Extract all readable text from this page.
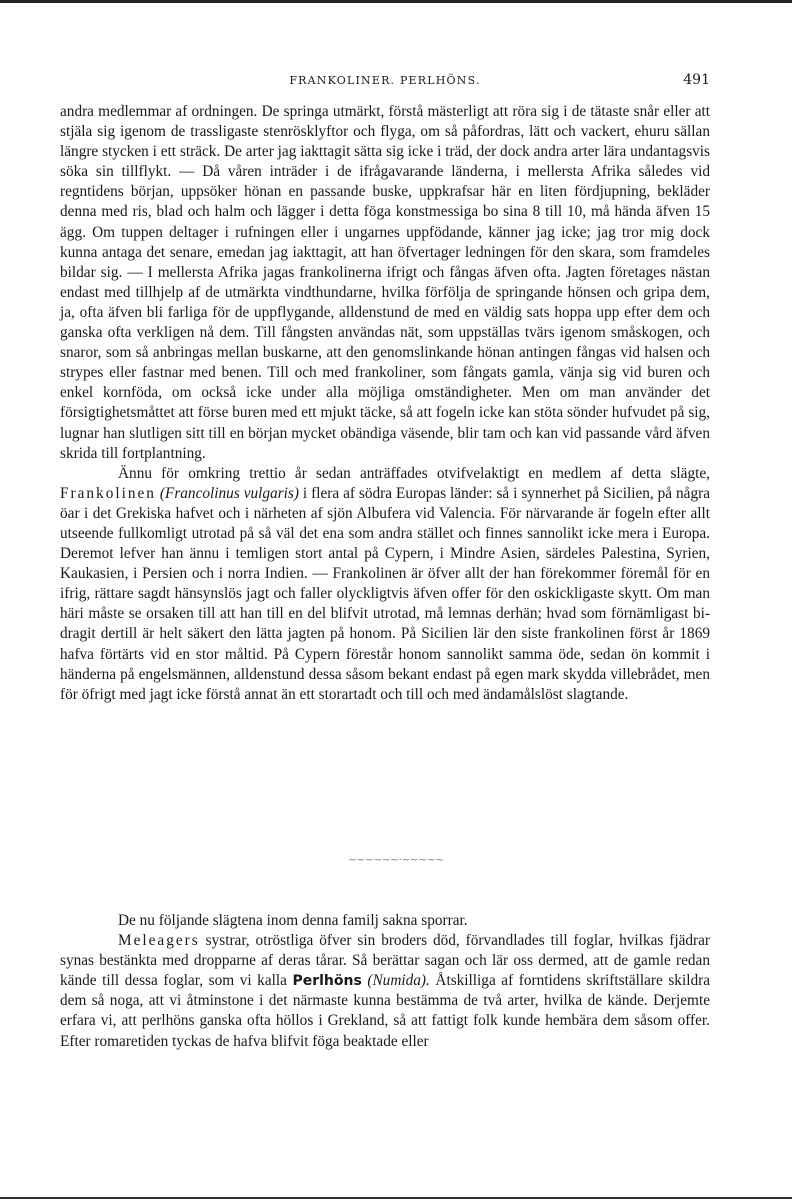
FRANKOLINER. PERLHÖNS.	491

andra medlemmar af ordningen. De springa utmärkt, förstå mästerligt att röra sig i de tätaste snår eller att stjäla sig igenom de trassligaste stenrösklyftor och flyga, om så påfordras, lätt och vackert, ehuru sällan längre stycken i ett sträck. De arter jag iakttagit sätta sig icke i träd, der dock andra arter lära undantagsvis söka sin tillflykt. — Då våren inträder i de ifrågavarande länderna, i mellersta Afrika således vid regntidens början, uppsöker hönan en passande buske, uppkrafsar här en liten fördjupning, bekläder denna med ris, blad och halm och lägger i detta föga konstmessiga bo sina 8 till 10, må hända äfven 15 ägg. Om tuppen deltager i rufningen eller i ungarnes uppfödande, känner jag icke; jag tror mig dock kunna antaga det senare, emedan jag iakttagit, att han öfvertager ledningen för den skara, som framdeles bildar sig. — I mellersta Afrika jagas frankolinerna ifrigt och fångas äfven ofta. Jagten företages nästan endast med tillhjelp af de utmärkta vindthundarne, hvilka förfölja de springande hönsen och gripa dem, ja, ofta äfven bli farliga för de uppflygande, alldenstund de med en väldig sats hoppa upp efter dem och ganska ofta verkligen nå dem. Till fångsten användas nät, som uppställas tvärs igenom småskogen, och snaror, som så anbringas mellan buskarne, att den genomslinkande hönan antingen fångas vid halsen och strypes eller fastnar med benen. Till och med frankoliner, som fångats gamla, vänja sig vid buren och enkel kornföda, om också icke under alla möjliga omständigheter. Men om man använder det försigtighetsmåttet att förse buren med ett mjukt täcke, så att fogeln icke kan stöta sönder hufvudet på sig, lugnar han slutligen sitt till en början mycket obändiga väsende, blir tam och kan vid passande vård äfven skrida till fortplantning.

Ännu för omkring trettio år sedan anträffades otvifvelaktigt en medlem af detta slägte, Frankolinen (Francolinus vulgaris) i flera af södra Europas länder: så i synnerhet på Sicilien, på några öar i det Grekiska hafvet och i närheten af sjön Albufera vid Valencia. För närvarande är fogeln efter allt utseende fullkomligt utrotad på så väl det ena som andra stället och finnes sannolikt icke mera i Europa. Deremot lefver han ännu i temligen stort antal på Cypern, i Mindre Asien, särdeles Palestina, Syrien, Kaukasien, i Persien och i norra Indien. — Frankolinen är öfver allt der han förekommer föremål för en ifrig, rättare sagdt hänsynslös jagt och faller olyckligtvis äfven offer för den oskickligaste skytt. Om man häri måste se orsaken till att han till en del blifvit utrotad, må lemnas derhän; hvad som förnämligast bidragit dertill är helt säkert den lätta jagten på honom. På Sicilien lär den siste frankolinen först år 1869 hafva förtärts vid en stor måltid. På Cypern förestår honom sannolikt samma öde, sedan ön kommit i händerna på engelsmännen, alldenstund dessa såsom bekant endast på egen mark skydda villebrådet, men för öfrigt med jagt icke förstå annat än ett storartadt och till och med ändamålslöst slagtande.

~~~~~~·~~~~~

De nu följande slägtena inom denna familj sakna sporrar.

Meleagers systrar, otröstliga öfver sin broders död, förvandlades till foglar, hvilkas fjädrar synas bestänkta med dropparne af deras tårar. Så berättar sagan och lär oss dermed, att de gamle redan kände till dessa foglar, som vi kalla Perlhöns (Numida). Åtskilliga af forntidens skriftställare skildra dem så noga, att vi åtminstone i det närmaste kunna bestämma de två arter, hvilka de kände. Derjemte erfara vi, att perlhöns ganska ofta höllos i Grekland, så att fattigt folk kunde hembära dem såsom offer. Efter romaretiden tyckas de hafva blifvit föga beaktade eller
